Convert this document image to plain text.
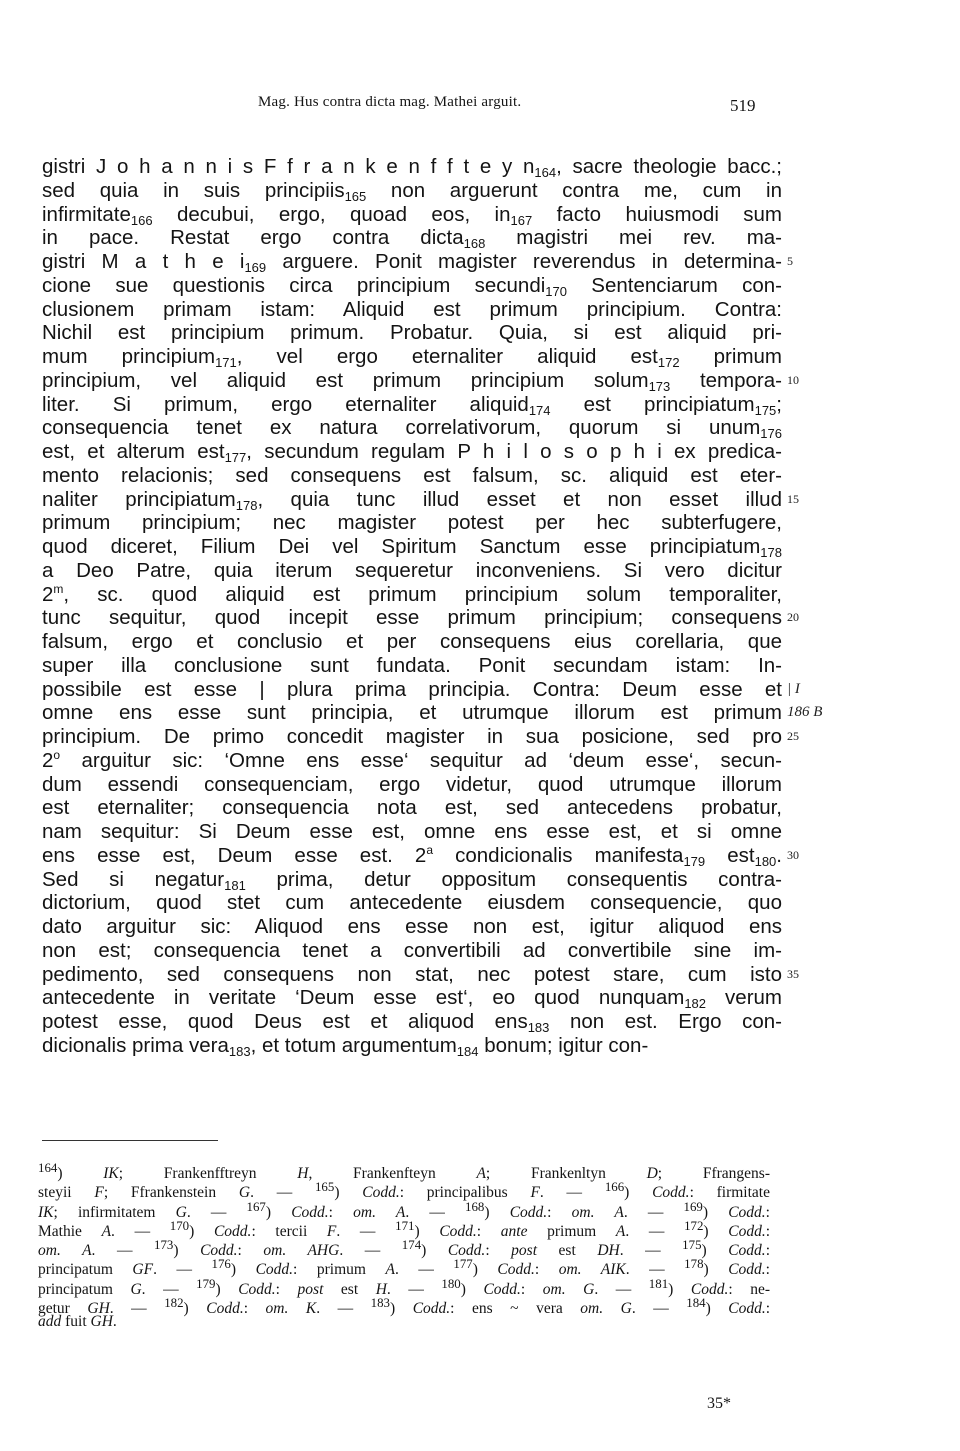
Mag. Hus contra dicta mag. Mathei arguit.	519
gistri J o h a n n i s F f r a n k e n f f t e y $n_{164}$, sacre theologie bacc.;
sed quia in suis principiis$_{165}$ non arguerunt contra me, cum in
infirmitate$_{166}$ decubui, ergo, quoad eos, $in_{167}$ facto huiusmodi sum
in pace. Restat ergo contra dicta$_{168}$ magistri mei rev. ma-
gistri M a t h e $i_{169}$ arguere. Ponit magister reverendus in determina- 5
cione sue questionis circa principium secundi$_{170}$ Sentenciarum con-
clusionem primam istam: Aliquid est primum principium. Contra:
Nichil est principium primum. Probatur. Quia, si est aliquid pri-
mum principium$_{171}$, vel ergo eternaliter aliquid est$_{172}$ primum
principium, vel aliquid est primum principium solum$_{173}$ tempora- 10
liter. Si primum, ergo eternaliter aliquid$_{174}$ est principiatum$_{175}$;
consequencia tenet ex natura correlativorum, quorum si unum$_{176}$
est, et alterum est$_{177}$, secundum regulam P h i l o s o p h i ex predica-
mento relacionis; sed consequens est falsum, sc. aliquid est eter-
naliter principiatum$_{178}$, quia tunc illud esset et non esset illud 15
primum principium; nec magister potest per hec subterfugere,
quod diceret, Filium Dei vel Spiritum Sanctum esse principiatum$_{178}$
a Deo Patre, quia iterum sequeretur inconveniens. Si vero dicitur
2$^m$, sc. quod aliquid est primum principium solum temporaliter,
tunc sequitur, quod incepit esse primum principium; consequens 20
falsum, ergo et conclusio et per consequens eius corellaria, que
super illa conclusione sunt fundata. Ponit secundam istam: In-
possibile est esse | plura prima principia. Contra: Deum esse et | I
omne ens esse sunt principia, et utrumque illorum est primum 186 B
principium. De primo concedit magister in sua posicione, sed pro 25
2$^o$ arguitur sic: ‘Omne ens esse‘ sequitur ad ‘deum esse‘, secun-
dum essendi consequenciam, ergo videtur, quod utrumque illorum
est eternaliter; consequencia nota est, sed antecedens probatur,
nam sequitur: Si Deum esse est, omne ens esse est, et si omne
ens esse est, Deum esse est. 2$^a$ condicionalis manifesta$_{179}$ est$_{180}$. 30
Sed si negatur$_{181}$ prima, detur oppositum consequentis contra-
dictorium, quod stet cum antecedente eiusdem consequencie, quo
dato arguitur sic: Aliquod ens esse non est, igitur aliquod ens
non est; consequencia tenet a convertibili ad convertibile sine im-
pedimento, sed consequens non stat, nec potest stare, cum isto 35
antecedente in veritate ‘Deum esse est‘, eo quod nunquam$_{182}$ verum
potest esse, quod Deus est et aliquod ens$_{183}$ non est. Ergo con-
dicionalis prima vera$_{183}$, et totum argumentum$_{184}$ bonum; igitur con-
$^{164}$) IK; Frankenfftreyn H, Frankenfteyn A; Frankenltyn D; Ffrangens-
steyii F; Ffrankenstein G. — $^{165}$) Codd.: principalibus F. — $^{166}$) Codd.: firmitate
IK; infirmitatem G. — $^{167}$) Codd.: om. A. — $^{168}$) Codd.: om. A. — $^{169}$) Codd.:
Mathie A. — $^{170}$) Codd.: tercii F. — $^{171}$) Codd.: ante primum A. — $^{172}$) Codd.:
om. A. — $^{173}$) Codd.: om. AHG. — $^{174}$) Codd.: post est DH. — $^{175}$) Codd.:
principatum GF. — $^{176}$) Codd.: primum A. — $^{177}$) Codd.: om. AIK. — $^{178}$) Codd.:
principatum G. — $^{179}$) Codd.: post est H. — $^{180}$) Codd.: om. G. — $^{181}$) Codd.: ne-
getur GH. — $^{182}$) Codd.: om. K. — $^{183}$) Codd.: ens ~ vera om. G. — $^{184}$) Codd.:
add fuit GH.
35*
